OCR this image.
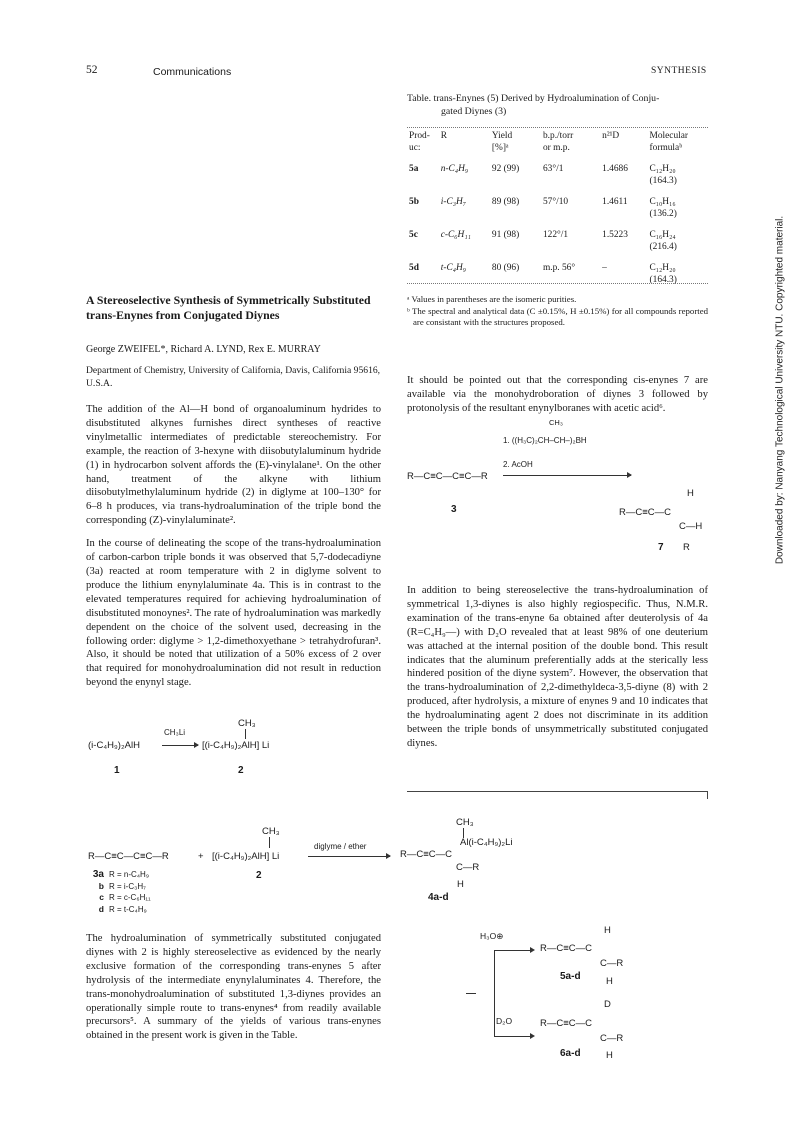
52	Communications	SYNTHESIS
Downloaded by: Nanyang Technological University NTU. Copyrighted material.
Table. trans-Enynes (5) Derived by Hydroalumination of Conju-
gated Diynes (3)
Prod-
uc:	R	Yield
[%]ᵃ	b.p./torr
or m.p.	n²¹D	Molecular
formulaᵇ
5a	n-C₄H₉	92 (99)	63°/1	1.4686	C₁₂H₂₀
(164.3)
5b	i-C₃H₇	89 (98)	57°/10	1.4611	C₁₀H₁₆
(136.2)
5c	c-C₆H₁₁	91 (98)	122°/1	1.5223	C₁₆H₂₄
(216.4)
5d	t-C₄H₉	80 (96)	m.p. 56°	–	C₁₂H₂₀
(164.3)
ᵃ Values in parentheses are the isomeric purities.
ᵇ The spectral and analytical data (C ±0.15%, H ±0.15%) for all compounds reported are consistant with the structures proposed.
A Stereoselective Synthesis of Symmetrically Substituted trans-Enynes from Conjugated Diynes
George ZWEIFEL*, Richard A. LYND, Rex E. MURRAY
Department of Chemistry, University of California, Davis, California 95616, U.S.A.
The addition of the Al—H bond of organoaluminum hydrides to disubstituted alkynes furnishes direct syntheses of reactive vinylmetallic intermediates of predictable stereochemistry. For example, the reaction of 3-hexyne with diisobutylaluminum hydride (1) in hydrocarbon solvent affords the (E)-vinylalane¹. On the other hand, treatment of the alkyne with lithium diisobutylmethylaluminum hydride (2) in diglyme at 100–130° for 6–8 h produces, via trans-hydroalumination of the triple bond the corresponding (Z)-vinylaluminate².
In the course of delineating the scope of the trans-hydroalumination of carbon-carbon triple bonds it was observed that 5,7-dodecadiyne (3a) reacted at room temperature with 2 in diglyme solvent to produce the lithium enynylaluminate 4a. This is in contrast to the elevated temperatures required for achieving hydroalumination of disubstituted monoynes². The rate of hydroalumination was markedly dependent on the choice of the solvent used, decreasing in the following order: diglyme > 1,2-dimethoxyethane > tetrahydrofuran³. Also, it should be noted that utilization of a 50% excess of 2 over that required for monohydroalumination did not result in reduction beyond the enynyl stage.
(i-C₄H₉)₂AlH
CH₃Li
CH₃
[(i-C₄H₉)₂AlH] Li
1	2
R—C≡C—C≡C—R	+
CH₃
[(i-C₄H₉)₂AlH] Li
diglyme / ether
2
CH₃
Al(i-C₄H₉)₂Li
R—C≡C—C
C—R
H
4a-d
3a R = n-C₄H₉
b R = i-C₃H₇
c R = c-C₆H₁₁
d R = t-C₄H₉
The hydroalumination of symmetrically substituted conjugated diynes with 2 is highly stereoselective as evidenced by the nearly exclusive formation of the corresponding trans-enynes 5 after hydrolysis of the intermediate enynylaluminates 4. Therefore, the trans-monohydroalumination of substituted 1,3-diynes provides an operationally simple route to trans-enynes⁴ from readily available precursors⁵. A summary of the yields of various trans-enynes obtained in the present work is given in the Table.
H₃O⊕
D₂O
H
R—C≡C—C
C—R
H
5a-d
D
R—C≡C—C
C—R
H
6a-d
It should be pointed out that the corresponding cis-enynes 7 are available via the monohydroboration of diynes 3 followed by protonolysis of the resultant enynylboranes with acetic acid⁶.
CH₃
1. ((H₃C)₂CH–CH–)₂BH
2. AcOH
R—C≡C—C≡C—R
3
H
R—C≡C—C
C—H
R
7
In addition to being stereoselective the trans-hydroalumination of symmetrical 1,3-diynes is also highly regiospecific. Thus, N.M.R. examination of the trans-enyne 6a obtained after deuterolysis of 4a (R=C₄H₉—) with D₂O revealed that at least 98% of one deuterium was attached at the internal position of the double bond. This result indicates that the aluminum preferentially adds at the sterically less hindered position of the diyne system⁷. However, the observation that the trans-hydroalumination of 2,2-dimethyldeca-3,5-diyne (8) with 2 produced, after hydrolysis, a mixture of enynes 9 and 10 indicates that the hydroaluminating agent 2 does not discriminate in its addition between the triple bonds of unsymmetrically substituted conjugated diynes.
